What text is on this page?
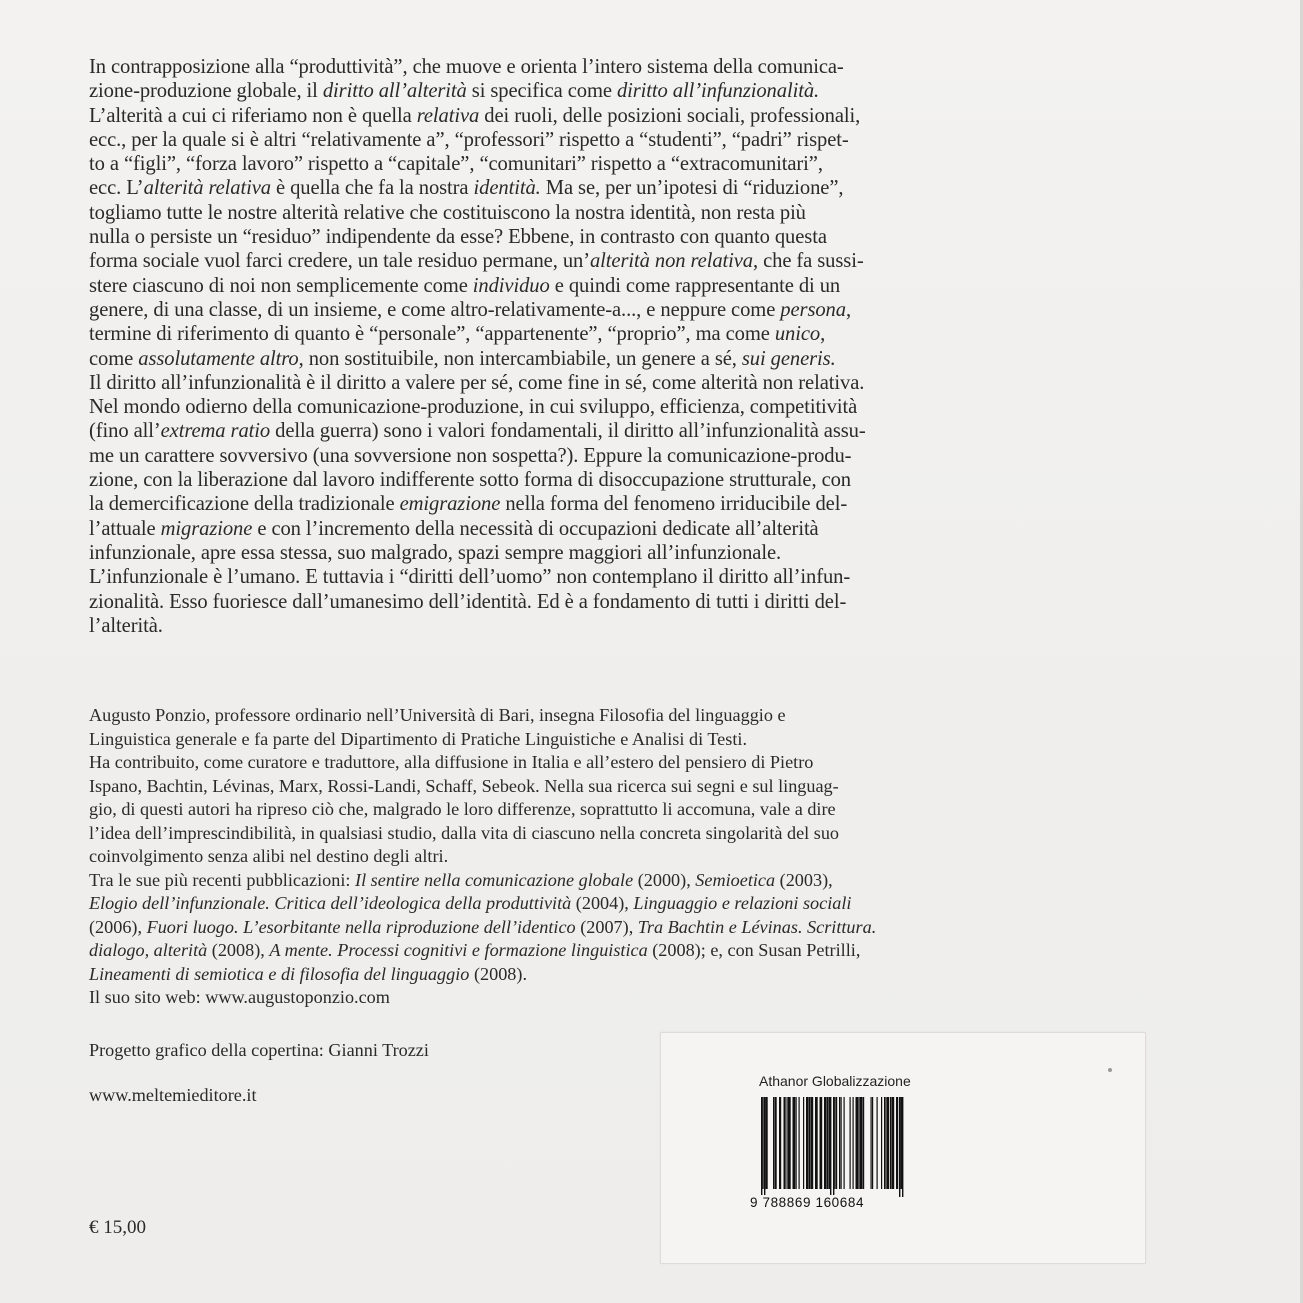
In contrapposizione alla “produttività”, che muove e orienta l’intero sistema della comunica-
zione-produzione globale, il diritto all’alterità si specifica come diritto all’infunzionalità.
L’alterità a cui ci riferiamo non è quella relativa dei ruoli, delle posizioni sociali, professionali,
ecc., per la quale si è altri “relativamente a”, “professori” rispetto a “studenti”, “padri” rispet-
to a “figli”, “forza lavoro” rispetto a “capitale”, “comunitari” rispetto a “extracomunitari”,
ecc. L’alterità relativa è quella che fa la nostra identità. Ma se, per un’ipotesi di “riduzione”,
togliamo tutte le nostre alterità relative che costituiscono la nostra identità, non resta più
nulla o persiste un “residuo” indipendente da esse? Ebbene, in contrasto con quanto questa
forma sociale vuol farci credere, un tale residuo permane, un’alterità non relativa, che fa sussi-
stere ciascuno di noi non semplicemente come individuo e quindi come rappresentante di un
genere, di una classe, di un insieme, e come altro-relativamente-a..., e neppure come persona,
termine di riferimento di quanto è “personale”, “appartenente”, “proprio”, ma come unico,
come assolutamente altro, non sostituibile, non intercambiabile, un genere a sé, sui generis.
Il diritto all’infunzionalità è il diritto a valere per sé, come fine in sé, come alterità non relativa.
Nel mondo odierno della comunicazione-produzione, in cui sviluppo, efficienza, competitività
(fino all’extrema ratio della guerra) sono i valori fondamentali, il diritto all’infunzionalità assu-
me un carattere sovversivo (una sovversione non sospetta?). Eppure la comunicazione-produ-
zione, con la liberazione dal lavoro indifferente sotto forma di disoccupazione strutturale, con
la demercificazione della tradizionale emigrazione nella forma del fenomeno irriducibile del-
l’attuale migrazione e con l’incremento della necessità di occupazioni dedicate all’alterità
infunzionale, apre essa stessa, suo malgrado, spazi sempre maggiori all’infunzionale.
L’infunzionale è l’umano. E tuttavia i “diritti dell’uomo” non contemplano il diritto all’infun-
zionalità. Esso fuoriesce dall’umanesimo dell’identità. Ed è a fondamento di tutti i diritti del-
l’alterità.
Augusto Ponzio, professore ordinario nell’Università di Bari, insegna Filosofia del linguaggio e
Linguistica generale e fa parte del Dipartimento di Pratiche Linguistiche e Analisi di Testi.
Ha contribuito, come curatore e traduttore, alla diffusione in Italia e all’estero del pensiero di Pietro
Ispano, Bachtin, Lévinas, Marx, Rossi-Landi, Schaff, Sebeok. Nella sua ricerca sui segni e sul linguag-
gio, di questi autori ha ripreso ciò che, malgrado le loro differenze, soprattutto li accomuna, vale a dire
l’idea dell’imprescindibilità, in qualsiasi studio, dalla vita di ciascuno nella concreta singolarità del suo
coinvolgimento senza alibi nel destino degli altri.
Tra le sue più recenti pubblicazioni: Il sentire nella comunicazione globale (2000), Semioetica (2003),
Elogio dell’infunzionale. Critica dell’ideologica della produttività (2004), Linguaggio e relazioni sociali
(2006), Fuori luogo. L’esorbitante nella riproduzione dell’identico (2007), Tra Bachtin e Lévinas. Scrittura.
dialogo, alterità (2008), A mente. Processi cognitivi e formazione linguistica (2008); e, con Susan Petrilli,
Lineamenti di semiotica e di filosofia del linguaggio (2008).
Il suo sito web: www.augustoponzio.com
Progetto grafico della copertina: Gianni Trozzi
www.meltemieditore.it
€ 15,00
Athanor Globalizzazione
9 788869 160684
